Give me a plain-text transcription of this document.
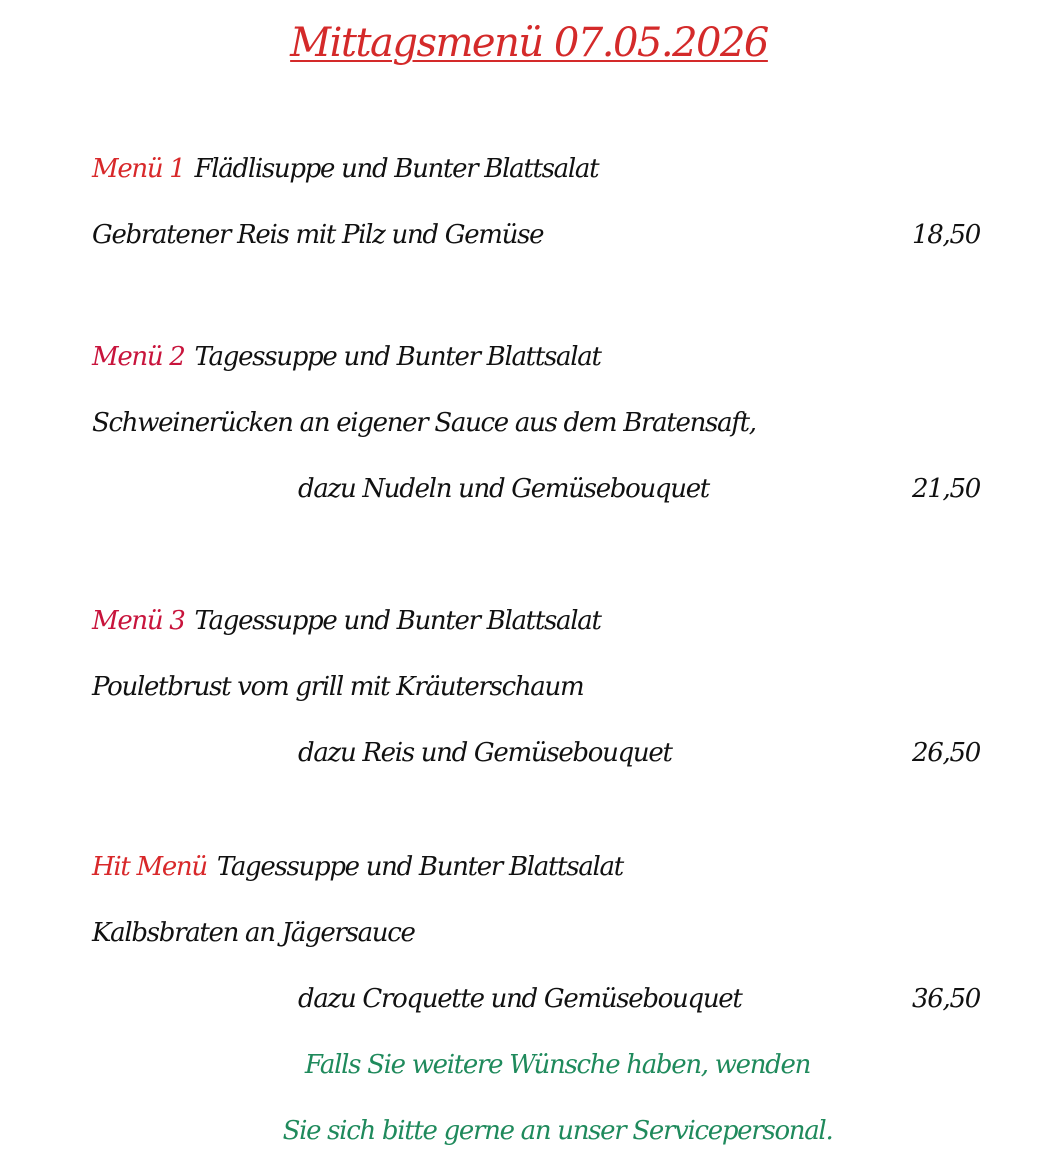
Mittagsmenü 07.05.2026
Menü 1 Flädlisuppe und Bunter Blattsalat
Gebratener Reis mit Pilz und Gemüse	18,50
Menü 2 Tagessuppe und Bunter Blattsalat
Schweinerücken an eigener Sauce aus dem Bratensaft,
dazu Nudeln und Gemüsebouquet	21,50
Menü 3 Tagessuppe und Bunter Blattsalat
Pouletbrust vom grill mit Kräuterschaum
dazu Reis und Gemüsebouquet	26,50
Hit Menü Tagessuppe und Bunter Blattsalat
Kalbsbraten an Jägersauce
dazu Croquette und Gemüsebouquet	36,50
Falls Sie weitere Wünsche haben, wenden
Sie sich bitte gerne an unser Servicepersonal.
